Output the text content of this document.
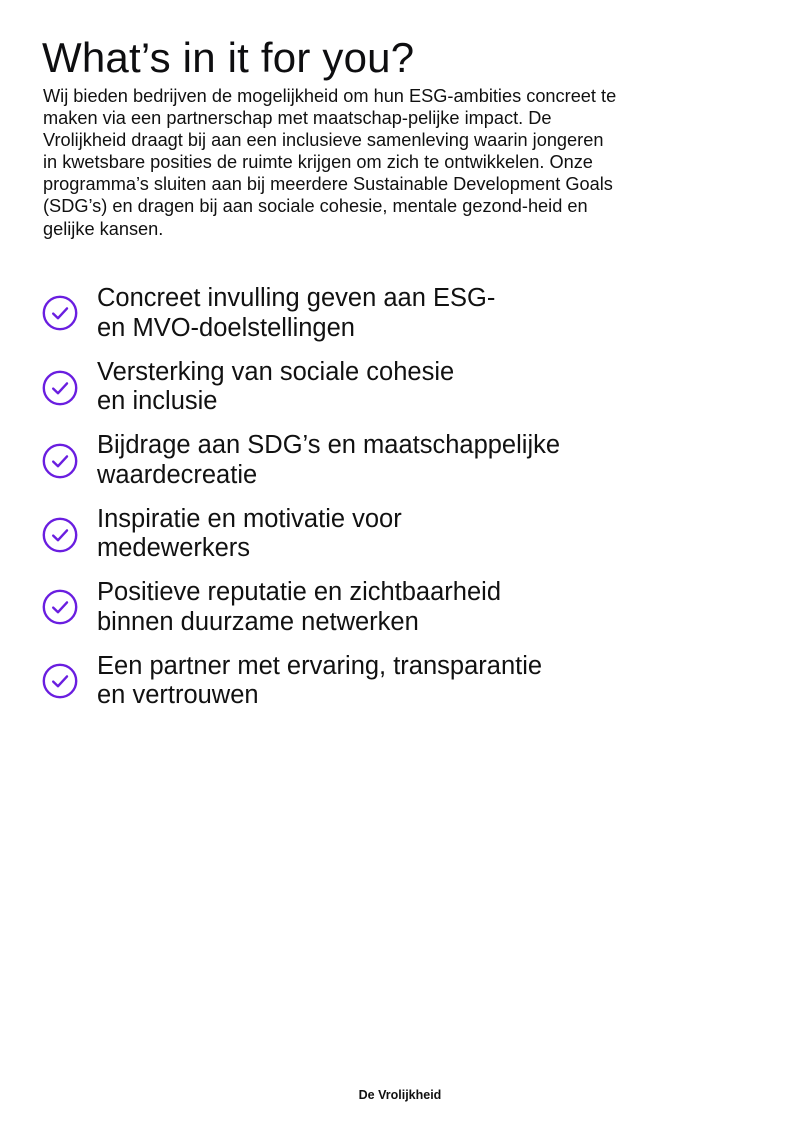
What’s in it for you?

Wij bieden bedrijven de mogelijkheid om hun ESG-ambities concreet te maken via een partnerschap met maatschap-pelijke impact. De Vrolijkheid draagt bij aan een inclusieve samenleving waarin jongeren in kwetsbare posities de ruimte krijgen om zich te ontwikkelen. Onze programma’s sluiten aan bij meerdere Sustainable Development Goals (SDG’s) en dragen bij aan sociale cohesie, mentale gezond-heid en gelijke kansen.

Concreet invulling geven aan ESG-
en MVO-doelstellingen
Versterking van sociale cohesie
en inclusie
Bijdrage aan SDG’s en maatschappelijke
waardecreatie
Inspiratie en motivatie voor
medewerkers
Positieve reputatie en zichtbaarheid
binnen duurzame netwerken
Een partner met ervaring, transparantie
en vertrouwen
De Vrolijkheid
